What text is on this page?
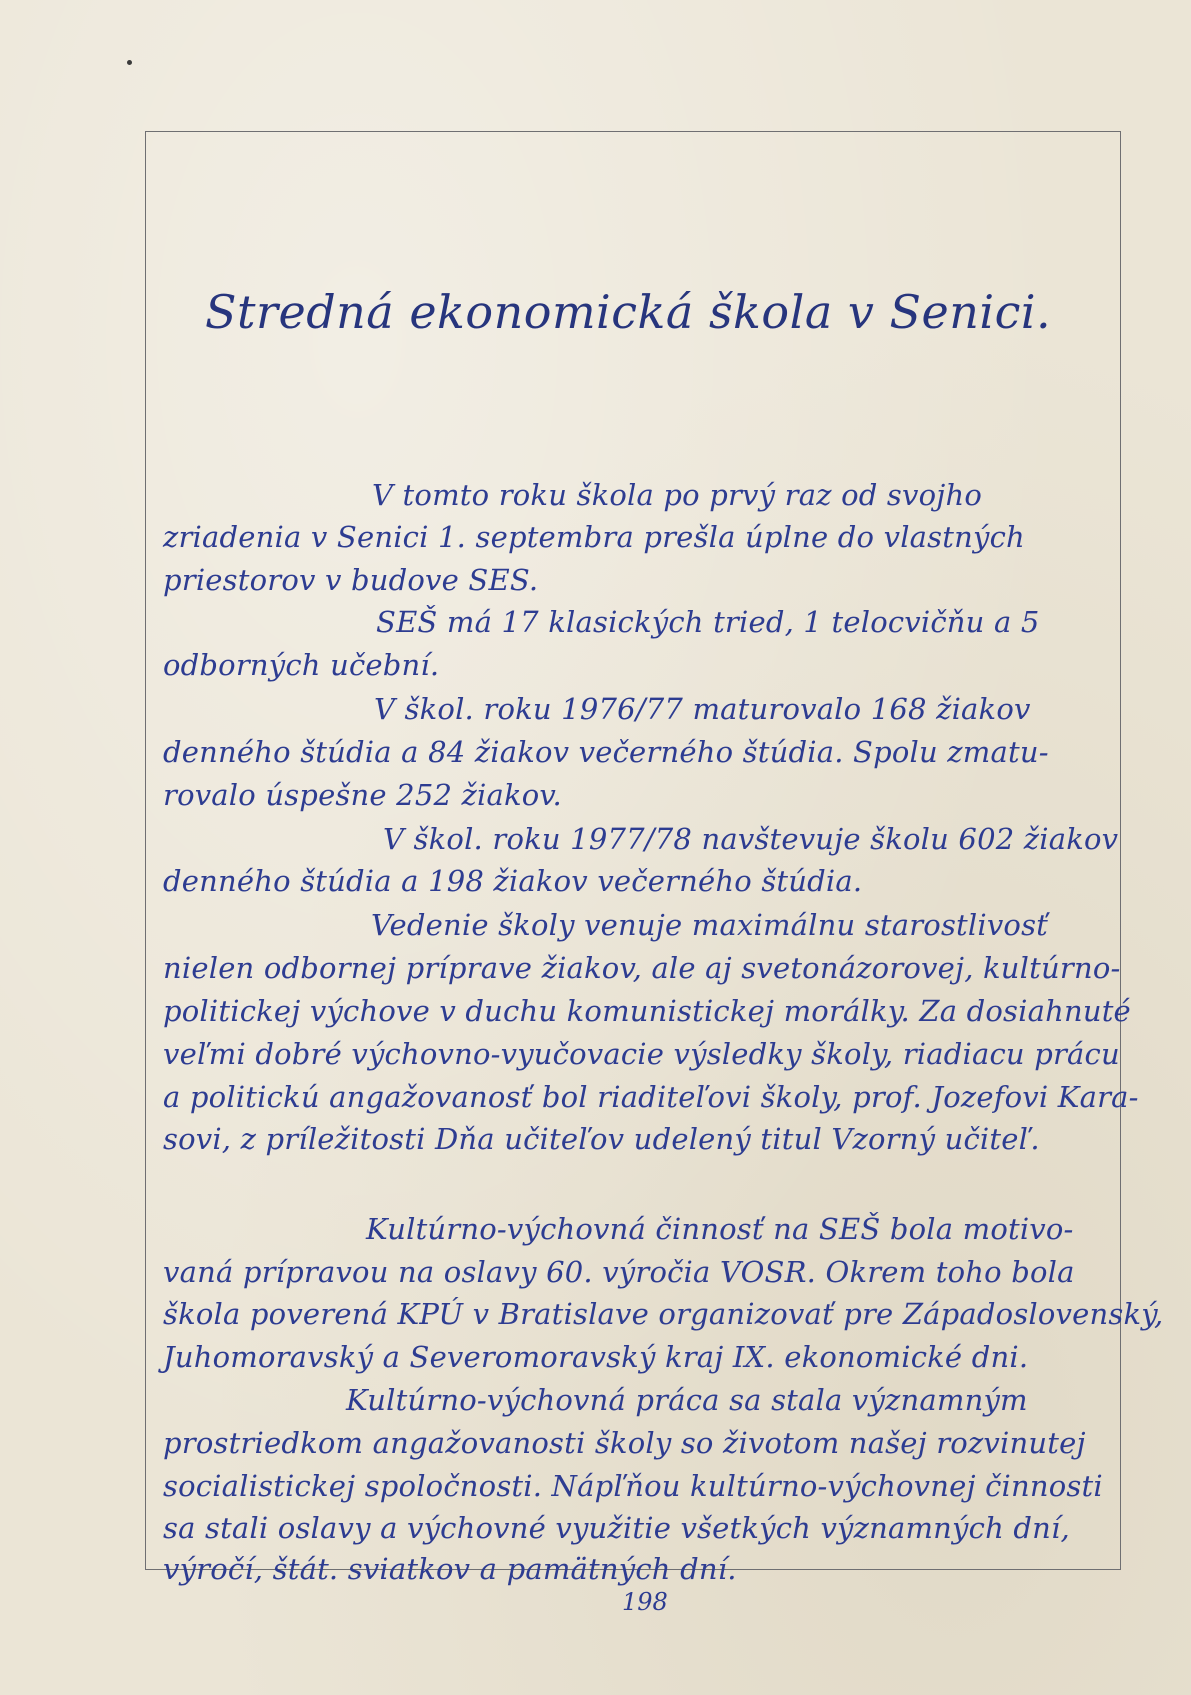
Stredná ekonomická škola v Senici.

V tomto roku škola po prvý raz od svojho

zriadenia v Senici 1. septembra prešla úplne do vlastných

priestorov v budove SES.

SEŠ má 17 klasických tried, 1 telocvičňu a 5

odborných učební.

V škol. roku 1976/77 maturovalo 168 žiakov

denného štúdia a 84 žiakov večerného štúdia. Spolu zmatu-

rovalo úspešne 252 žiakov.

V škol. roku 1977/78 navštevuje školu 602 žiakov

denného štúdia a 198 žiakov večerného štúdia.

Vedenie školy venuje maximálnu starostlivosť

nielen odbornej príprave žiakov, ale aj svetonázorovej, kultúrno-

politickej výchove v duchu komunistickej morálky. Za dosiahnuté

veľmi dobré výchovno-vyučovacie výsledky školy, riadiacu prácu

a politickú angažovanosť bol riaditeľovi školy, prof. Jozefovi Kara-

sovi, z príležitosti Dňa učiteľov udelený titul Vzorný učiteľ.

Kultúrno-výchovná činnosť na SEŠ bola motivo-

vaná prípravou na oslavy 60. výročia VOSR. Okrem toho bola

škola poverená KPÚ v Bratislave organizovať pre Západoslovenský,

Juhomoravský a Severomoravský kraj IX. ekonomické dni.

Kultúrno-výchovná práca sa stala významným

prostriedkom angažovanosti školy so životom našej rozvinutej

socialistickej spoločnosti. Nápľňou kultúrno-výchovnej činnosti

sa stali oslavy a výchovné využitie všetkých významných dní,

výročí, štát. sviatkov a pamätných dní.

198
